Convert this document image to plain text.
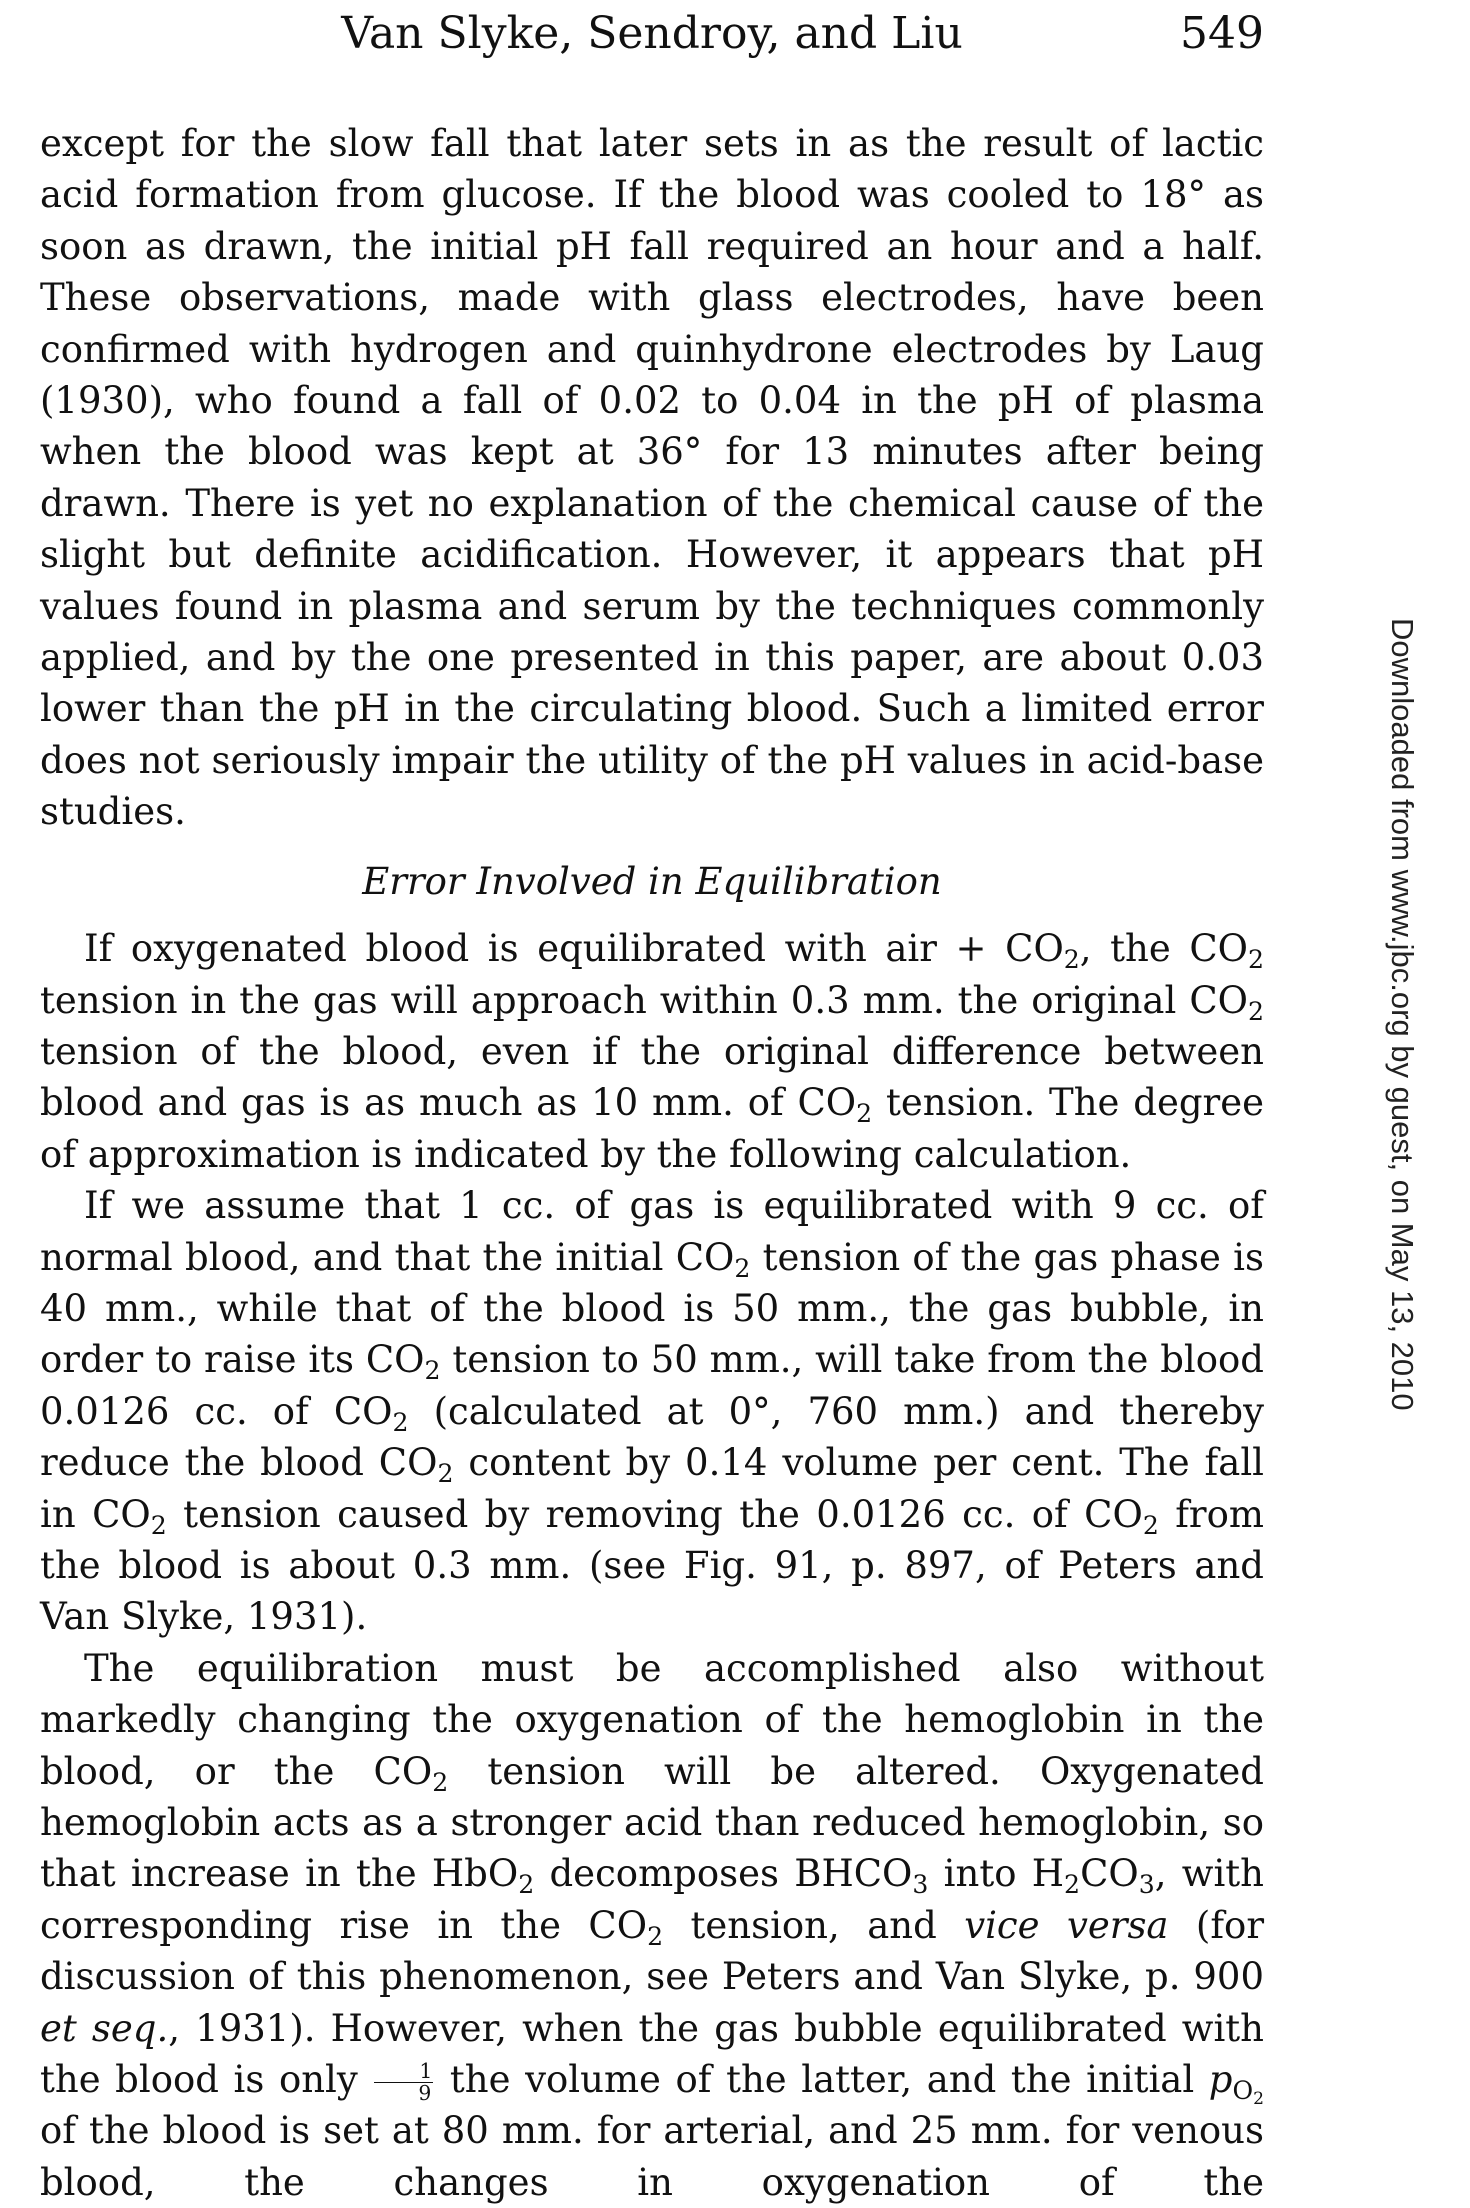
Van Slyke, Sendroy, and Liu	549

except for the slow fall that later sets in as the result of lactic acid formation from glucose. If the blood was cooled to 18° as soon as drawn, the initial pH fall required an hour and a half. These observations, made with glass electrodes, have been confirmed with hydrogen and quinhydrone electrodes by Laug (1930), who found a fall of 0.02 to 0.04 in the pH of plasma when the blood was kept at 36° for 13 minutes after being drawn. There is yet no explanation of the chemical cause of the slight but definite acidification. However, it appears that pH values found in plasma and serum by the techniques commonly applied, and by the one presented in this paper, are about 0.03 lower than the pH in the circulating blood. Such a limited error does not seriously impair the utility of the pH values in acid-base studies.

Error Involved in Equilibration

If oxygenated blood is equilibrated with air + $CO_2$, the $CO_2$ tension in the gas will approach within 0.3 mm. the original $CO_2$ tension of the blood, even if the original difference between blood and gas is as much as 10 mm. of $CO_2$ tension. The degree of approximation is indicated by the following calculation.

If we assume that 1 cc. of gas is equilibrated with 9 cc. of normal blood, and that the initial $CO_2$ tension of the gas phase is 40 mm., while that of the blood is 50 mm., the gas bubble, in order to raise its $CO_2$ tension to 50 mm., will take from the blood 0.0126 cc. of $CO_2$ (calculated at 0°, 760 mm.) and thereby reduce the blood $CO_2$ content by 0.14 volume per cent. The fall in $CO_2$ tension caused by removing the 0.0126 cc. of $CO_2$ from the blood is about 0.3 mm. (see Fig. 91, p. 897, of Peters and Van Slyke, 1931).

The equilibration must be accomplished also without markedly changing the oxygenation of the hemoglobin in the blood, or the $CO_2$ tension will be altered. Oxygenated hemoglobin acts as a stronger acid than reduced hemoglobin, so that increase in the HbO$_2$ decomposes $BHCO_3$ into $H_2CO_3$, with corresponding rise in the $CO_2$ tension, and vice versa (for discussion of this phenomenon, see Peters and Van Slyke, p. 900 et seq., 1931). However, when the gas bubble equilibrated with the blood is only $\frac{1}{9}$ the volume of the latter, and the initial $p_{O_2}$ of the blood is set at 80 mm. for arterial, and 25 mm. for venous blood, the changes in oxygenation of the

Downloaded from www.jbc.org by guest, on May 13, 2010
